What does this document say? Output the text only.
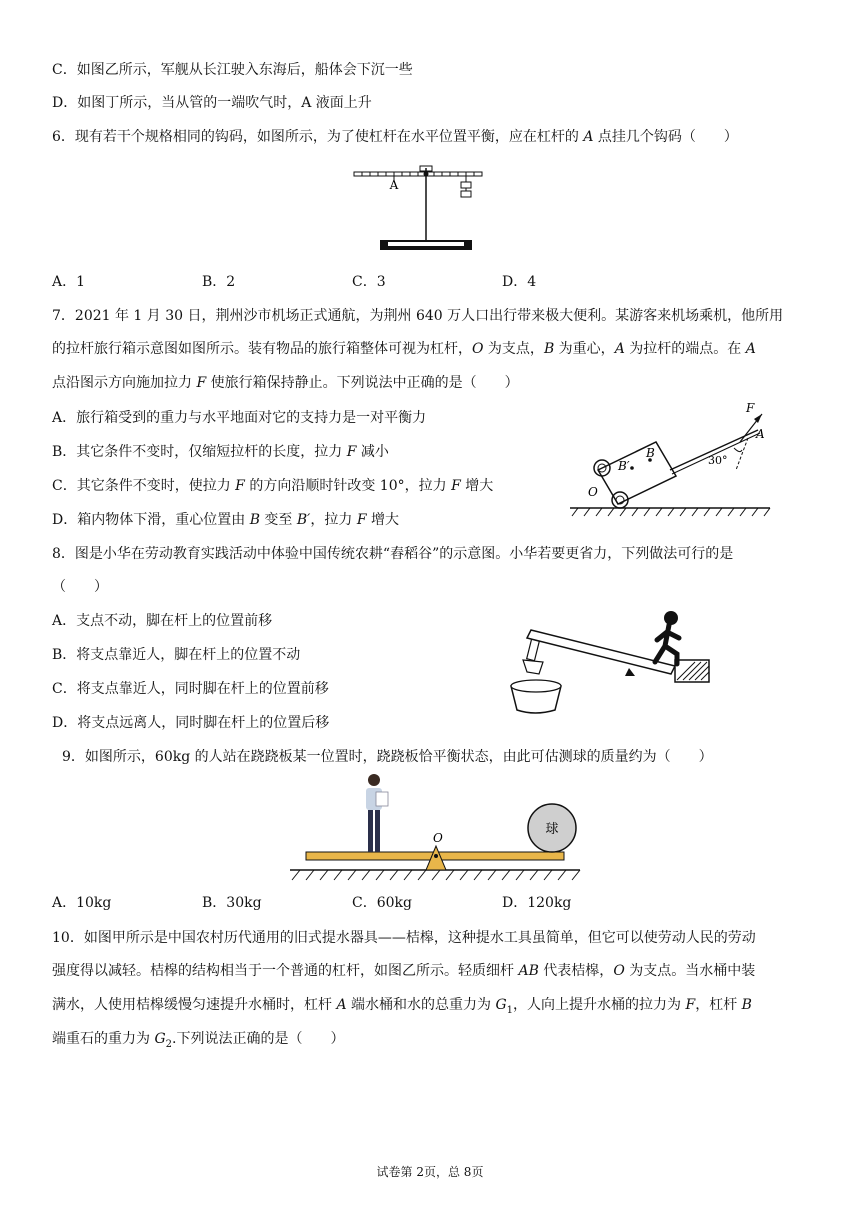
C．如图乙所示，军舰从长江驶入东海后，船体会下沉一些
D．如图丁所示，当从管的一端吹气时，A 液面上升
6．现有若干个规格相同的钩码，如图所示，为了使杠杆在水平位置平衡，应在杠杆的 A 点挂几个钩码（　　）
A
A．1	B．2	C．3	D．4
7．2021 年 1 月 30 日，荆州沙市机场正式通航，为荆州 640 万人口出行带来极大便利。某游客来机场乘机，他所用
的拉杆旅行箱示意图如图所示。装有物品的旅行箱整体可视为杠杆，O 为支点，B 为重心，A 为拉杆的端点。在 A
点沿图示方向施加拉力 F 使旅行箱保持静止。下列说法中正确的是（　　）
A．旅行箱受到的重力与水平地面对它的支持力是一对平衡力
B．其它条件不变时，仅缩短拉杆的长度，拉力 F 减小
C．其它条件不变时，使拉力 F 的方向沿顺时针改变 10°，拉力 F 增大
D．箱内物体下滑，重心位置由 B 变至 B′，拉力 F 增大
F
A
B
B′
O
30°
8．图是小华在劳动教育实践活动中体验中国传统农耕“舂稻谷”的示意图。小华若要更省力，下列做法可行的是
（　　）
A．支点不动，脚在杆上的位置前移
B．将支点靠近人，脚在杆上的位置不动
C．将支点靠近人，同时脚在杆上的位置前移
D．将支点远离人，同时脚在杆上的位置后移
9．如图所示，60kg 的人站在跷跷板某一位置时，跷跷板恰平衡状态，由此可估测球的质量约为（　　）
球
O
A．10kg	B．30kg	C．60kg	D．120kg
10．如图甲所示是中国农村历代通用的旧式提水器具——桔槔，这种提水工具虽简单，但它可以使劳动人民的劳动
强度得以减轻。桔槔的结构相当于一个普通的杠杆，如图乙所示。轻质细杆 AB 代表桔槔，O 为支点。当水桶中装
满水，人使用桔槔缓慢匀速提升水桶时，杠杆 A 端水桶和水的总重力为 $G_1$，人向上提升水桶的拉力为 F，杠杆 B
端重石的重力为 $G_2$.下列说法正确的是（　　）
试卷第 2页，总 8页
